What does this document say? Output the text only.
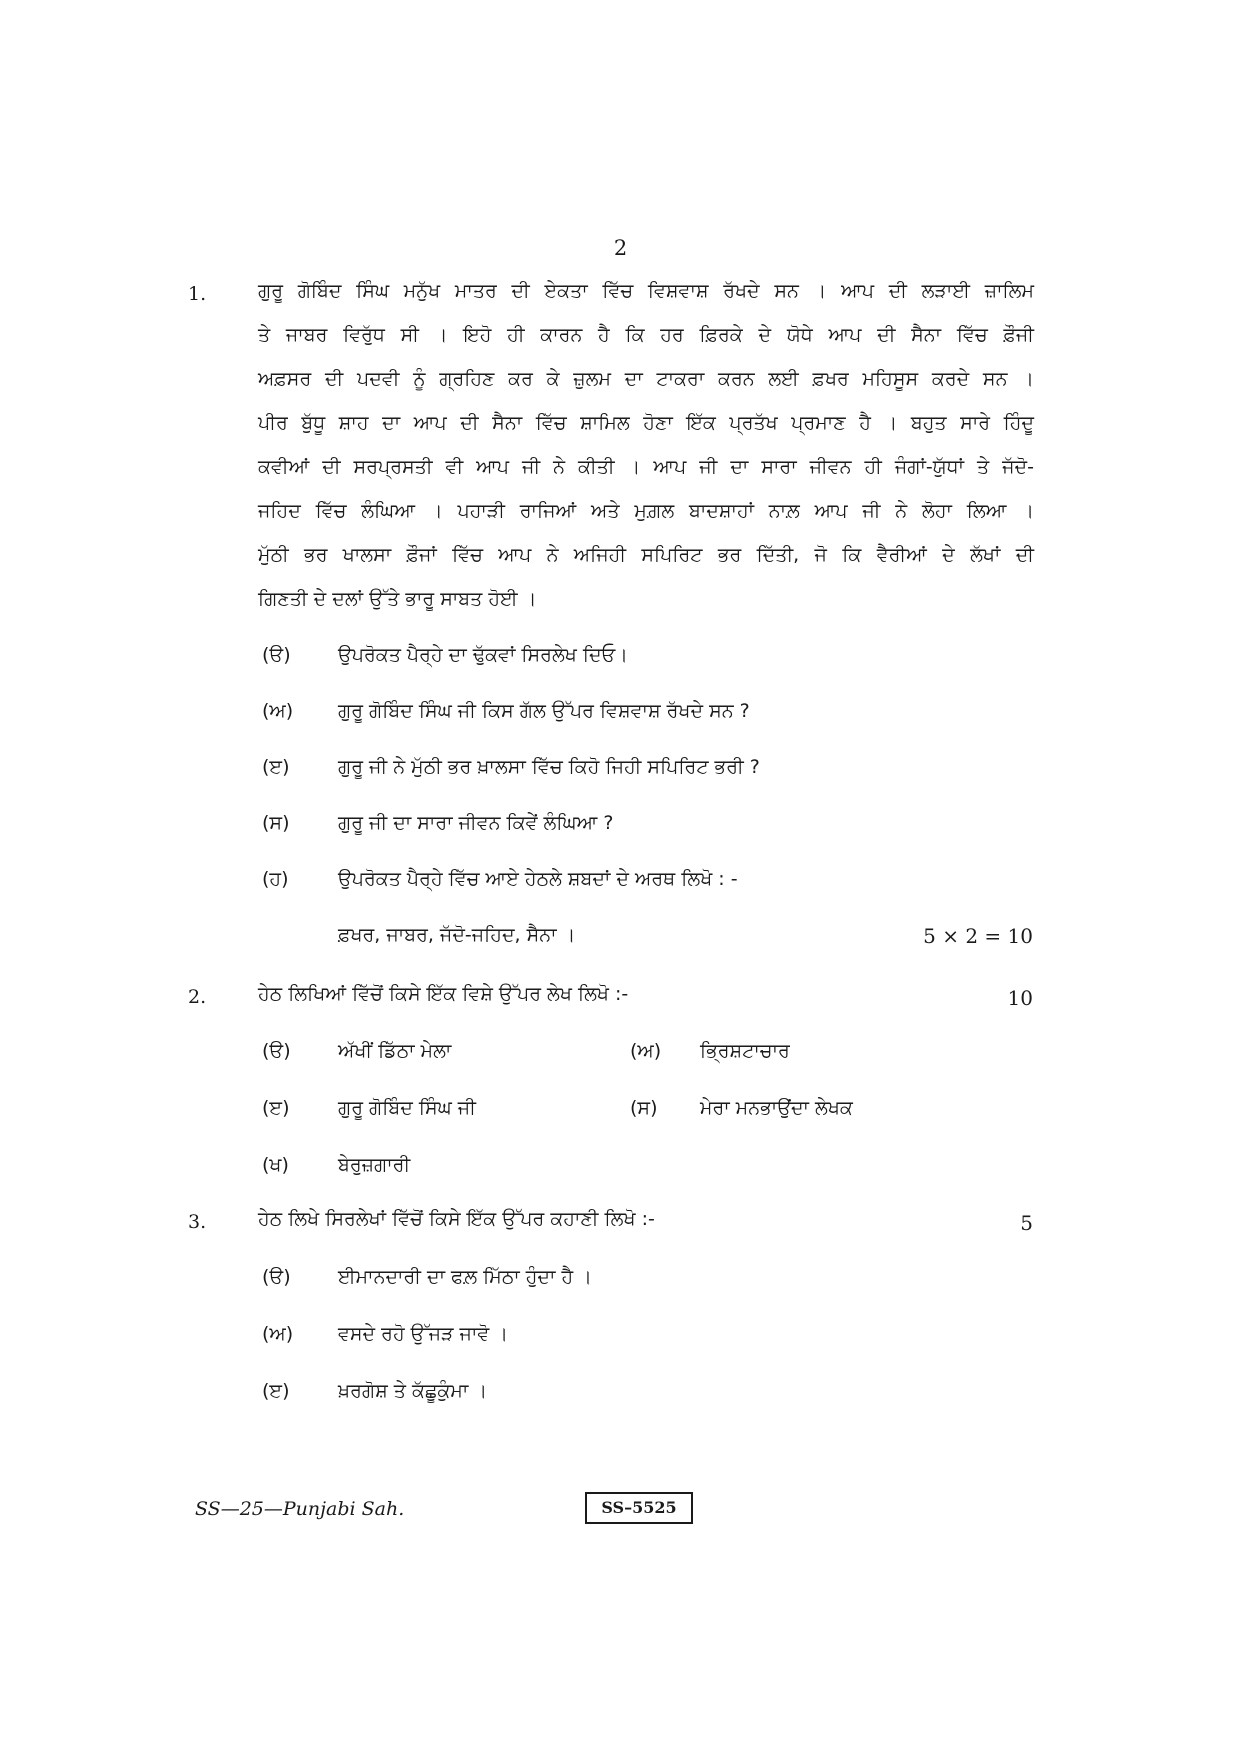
2
1.	ਗੁਰੂ ਗੋਬਿੰਦ ਸਿੰਘ ਮਨੁੱਖ ਮਾਤਰ ਦੀ ਏਕਤਾ ਵਿੱਚ ਵਿਸ਼ਵਾਸ਼ ਰੱਖਦੇ ਸਨ । ਆਪ ਦੀ ਲੜਾਈ ਜ਼ਾਲਿਮ
ਤੇ ਜਾਬਰ ਵਿਰੁੱਧ ਸੀ । ਇਹੋ ਹੀ ਕਾਰਨ ਹੈ ਕਿ ਹਰ ਫ਼ਿਰਕੇ ਦੇ ਯੋਧੇ ਆਪ ਦੀ ਸੈਨਾ ਵਿੱਚ ਫ਼ੌਜੀ
ਅਫ਼ਸਰ ਦੀ ਪਦਵੀ ਨੂੰ ਗ੍ਰਹਿਣ ਕਰ ਕੇ ਜ਼ੁਲਮ ਦਾ ਟਾਕਰਾ ਕਰਨ ਲਈ ਫ਼ਖਰ ਮਹਿਸੂਸ ਕਰਦੇ ਸਨ ।
ਪੀਰ ਬੁੱਧੂ ਸ਼ਾਹ ਦਾ ਆਪ ਦੀ ਸੈਨਾ ਵਿੱਚ ਸ਼ਾਮਿਲ ਹੋਣਾ ਇੱਕ ਪ੍ਰਤੱਖ ਪ੍ਰਮਾਣ ਹੈ । ਬਹੁਤ ਸਾਰੇ ਹਿੰਦੂ
ਕਵੀਆਂ ਦੀ ਸਰਪ੍ਰਸਤੀ ਵੀ ਆਪ ਜੀ ਨੇ ਕੀਤੀ । ਆਪ ਜੀ ਦਾ ਸਾਰਾ ਜੀਵਨ ਹੀ ਜੰਗਾਂ-ਯੁੱਧਾਂ ਤੇ ਜੱਦੋ-
ਜਹਿਦ ਵਿੱਚ ਲੰਘਿਆ । ਪਹਾੜੀ ਰਾਜਿਆਂ ਅਤੇ ਮੁਗ਼ਲ ਬਾਦਸ਼ਾਹਾਂ ਨਾਲ਼ ਆਪ ਜੀ ਨੇ ਲੋਹਾ ਲਿਆ ।
ਮੁੱਠੀ ਭਰ ਖਾਲਸਾ ਫ਼ੌਜਾਂ ਵਿੱਚ ਆਪ ਨੇ ਅਜਿਹੀ ਸਪਿਰਿਟ ਭਰ ਦਿੱਤੀ, ਜੋ ਕਿ ਵੈਰੀਆਂ ਦੇ ਲੱਖਾਂ ਦੀ
ਗਿਣਤੀ ਦੇ ਦਲਾਂ ਉੱਤੇ ਭਾਰੂ ਸਾਬਤ ਹੋਈ ।
(ੳ) ਉਪਰੋਕਤ ਪੈਰ੍ਹੇ ਦਾ ਢੁੱਕਵਾਂ ਸਿਰਲੇਖ ਦਿਓ।
(ਅ) ਗੁਰੂ ਗੋਬਿੰਦ ਸਿੰਘ ਜੀ ਕਿਸ ਗੱਲ ਉੱਪਰ ਵਿਸ਼ਵਾਸ਼ ਰੱਖਦੇ ਸਨ ?
(ੲ)	ਗੁਰੂ ਜੀ ਨੇ ਮੁੱਠੀ ਭਰ ਖ਼ਾਲਸਾ ਵਿੱਚ ਕਿਹੋ ਜਿਹੀ ਸਪਿਰਿਟ ਭਰੀ ?
(ਸ)	ਗੁਰੂ ਜੀ ਦਾ ਸਾਰਾ ਜੀਵਨ ਕਿਵੇਂ ਲੰਘਿਆ ?
(ਹ)	ਉਪਰੋਕਤ ਪੈਰ੍ਹੇ ਵਿੱਚ ਆਏ ਹੇਠਲੇ ਸ਼ਬਦਾਂ ਦੇ ਅਰਥ ਲਿਖੋ : -
ਫ਼ਖਰ, ਜਾਬਰ, ਜੱਦੋ-ਜਹਿਦ, ਸੈਨਾ ।	5 × 2 = 10
2.	ਹੇਠ ਲਿਖਿਆਂ ਵਿੱਚੋਂ ਕਿਸੇ ਇੱਕ ਵਿਸ਼ੇ ਉੱਪਰ ਲੇਖ ਲਿਖੋ :-	10
(ੳ) ਅੱਖੀਂ ਡਿੱਠਾ ਮੇਲਾ	(ਅ) ਭ੍ਰਿਸ਼ਟਾਚਾਰ
(ੲ)	ਗੁਰੂ ਗੋਬਿੰਦ ਸਿੰਘ ਜੀ	(ਸ) ਮੇਰਾ ਮਨਭਾਉਂਦਾ ਲੇਖਕ
(ਖ)	ਬੇਰੁਜ਼ਗਾਰੀ
3.	ਹੇਠ ਲਿਖੇ ਸਿਰਲੇਖਾਂ ਵਿੱਚੋਂ ਕਿਸੇ ਇੱਕ ਉੱਪਰ ਕਹਾਣੀ ਲਿਖੋ :-	5
(ੳ) ਈਮਾਨਦਾਰੀ ਦਾ ਫਲ਼ ਮਿੱਠਾ ਹੁੰਦਾ ਹੈ ।
(ਅ) ਵਸਦੇ ਰਹੋ ਉੱਜੜ ਜਾਵੋ ।
(ੲ)	ਖ਼ਰਗੋਸ਼ ਤੇ ਕੱਛੂਕੁੰਮਾ ।
SS—25—Punjabi Sah.	SS–5525
